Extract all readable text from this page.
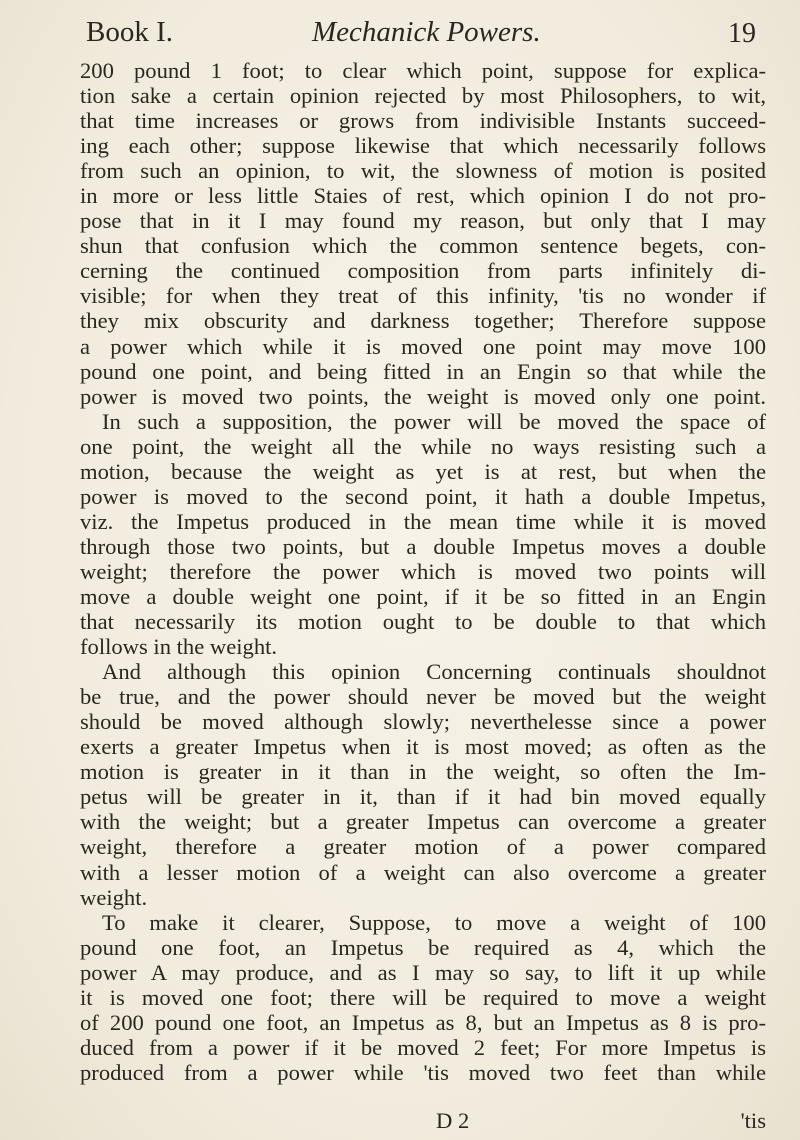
Book I.	Mechanick Powers.	19
200 pound 1 foot; to clear which point, suppose for explica-
tion sake a certain opinion rejected by most Philosophers, to wit,
that time increases or grows from indivisible Instants succeed-
ing each other; suppose likewise that which necessarily follows
from such an opinion, to wit, the slowness of motion is posited
in more or less little Staies of rest, which opinion I do not pro-
pose that in it I may found my reason, but only that I may
shun that confusion which the common sentence begets, con-
cerning the continued composition from parts infinitely di-
visible; for when they treat of this infinity, 'tis no wonder if
they mix obscurity and darkness together; Therefore suppose
a power which while it is moved one point may move 100
pound one point, and being fitted in an Engin so that while the
power is moved two points, the weight is moved only one point.
In such a supposition, the power will be moved the space of
one point, the weight all the while no ways resisting such a
motion, because the weight as yet is at rest, but when the
power is moved to the second point, it hath a double Impetus,
viz. the Impetus produced in the mean time while it is moved
through those two points, but a double Impetus moves a double
weight; therefore the power which is moved two points will
move a double weight one point, if it be so fitted in an Engin
that necessarily its motion ought to be double to that which
follows in the weight.
And although this opinion Concerning continuals shouldnot
be true, and the power should never be moved but the weight
should be moved although slowly; neverthelesse since a power
exerts a greater Impetus when it is most moved; as often as the
motion is greater in it than in the weight, so often the Im-
petus will be greater in it, than if it had bin moved equally
with the weight; but a greater Impetus can overcome a greater
weight, therefore a greater motion of a power compared
with a lesser motion of a weight can also overcome a greater
weight.
To make it clearer, Suppose, to move a weight of 100
pound one foot, an Impetus be required as 4, which the
power A may produce, and as I may so say, to lift it up while
it is moved one foot; there will be required to move a weight
of 200 pound one foot, an Impetus as 8, but an Impetus as 8 is pro-
duced from a power if it be moved 2 feet; For more Impetus is
produced from a power while 'tis moved two feet than while
D 2	'tis
